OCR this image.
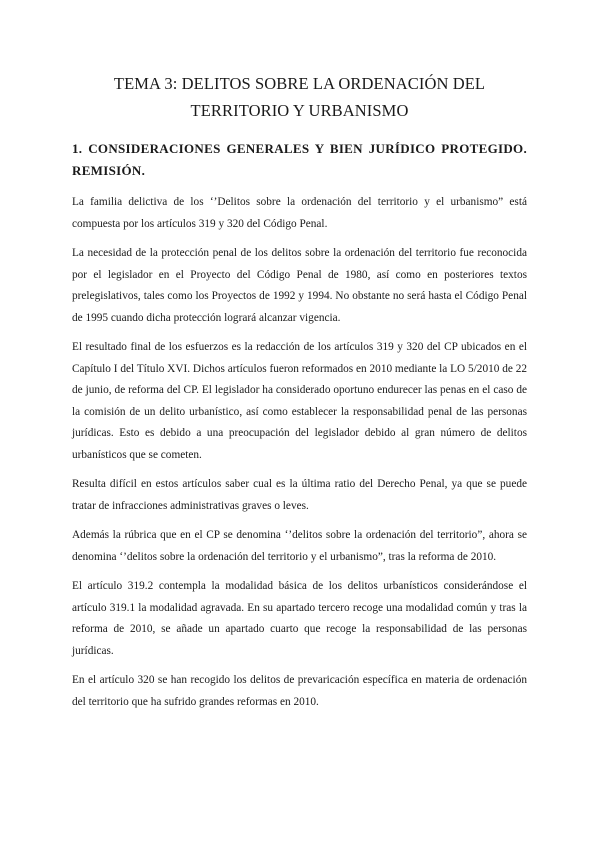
TEMA 3: DELITOS SOBRE LA ORDENACIÓN DEL
TERRITORIO Y URBANISMO
1. CONSIDERACIONES GENERALES Y BIEN JURÍDICO PROTEGIDO. REMISIÓN.

La familia delictiva de los ‘’Delitos sobre la ordenación del territorio y el urbanismo” está compuesta por los artículos 319 y 320 del Código Penal.

La necesidad de la protección penal de los delitos sobre la ordenación del territorio fue reconocida por el legislador en el Proyecto del Código Penal de 1980, así como en posteriores textos prelegislativos, tales como los Proyectos de 1992 y 1994. No obstante no será hasta el Código Penal de 1995 cuando dicha protección logrará alcanzar vigencia.

El resultado final de los esfuerzos es la redacción de los artículos 319 y 320 del CP ubicados en el Capítulo I del Título XVI. Dichos artículos fueron reformados en 2010 mediante la LO 5/2010 de 22 de junio, de reforma del CP. El legislador ha considerado oportuno endurecer las penas en el caso de la comisión de un delito urbanístico, así como establecer la responsabilidad penal de las personas jurídicas. Esto es debido a una preocupación del legislador debido al gran número de delitos urbanísticos que se cometen.

Resulta difícil en estos artículos saber cual es la última ratio del Derecho Penal, ya que se puede tratar de infracciones administrativas graves o leves.

Además la rúbrica que en el CP se denomina ‘’delitos sobre la ordenación del territorio”, ahora se denomina ‘’delitos sobre la ordenación del territorio y el urbanismo”, tras la reforma de 2010.

El artículo 319.2 contempla la modalidad básica de los delitos urbanísticos considerándose el artículo 319.1 la modalidad agravada. En su apartado tercero recoge una modalidad común y tras la reforma de 2010, se añade un apartado cuarto que recoge la responsabilidad de las personas jurídicas.

En el artículo 320 se han recogido los delitos de prevaricación específica en materia de ordenación del territorio que ha sufrido grandes reformas en 2010.
